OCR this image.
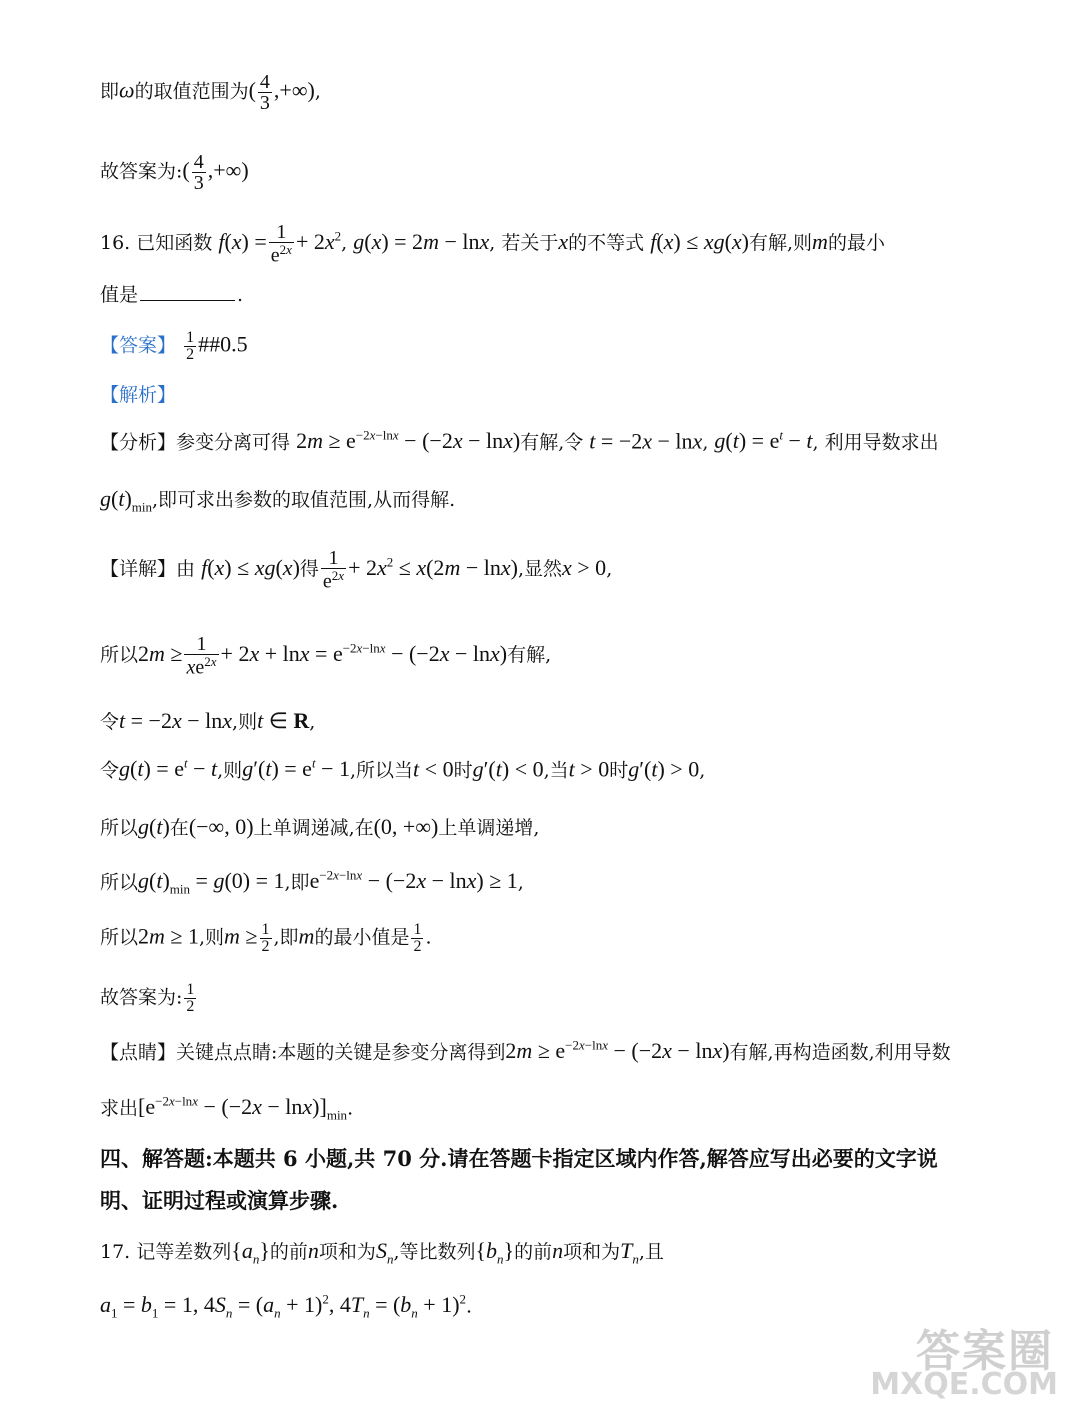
即ω的取值范围为( $\frac{4}{3}$ ,+∞),
故答案为:( $\frac{4}{3}$ ,+∞)
16. 已知函数 $f(x) = \frac{1}{e^{2x}} + 2x^2$, g(x) = 2m − lnx, 若关于x的不等式 f(x) ≤ xg(x)有解,则m的最小
值是	.
【答案】 $\frac{1}{2}$ ##0.5
【解析】
【分析】参变分离可得 $2m \ge e^{-2x-lnx} - (-2x - \ln x)$有解,令 t = −2x − lnx, $g(t) = e^t - t$, 利用导数求出
$g(t)_{min}$,即可求出参数的取值范围,从而得解.
【详解】由 f(x) ≤ xg(x)得 $\frac{1}{e^{2x}} + 2x^2 \le x(2m - \ln x)$,显然x > 0,
所以$2m \ge \frac{1}{xe^{2x}} + 2x + \ln x = e^{-2x-lnx} - (-2x - \ln x)$有解,
令t = −2x − lnx,则t ∈ R,
令$g(t) = e^t - t$,则$g'(t) = e^t - 1$,所以当t < 0时g′(t) < 0,当t > 0时g′(t) > 0,
所以g(t)在(−∞, 0)上单调递减,在(0, +∞)上单调递增,
所以$g(t)_{min} = g(0) = 1$,即$e^{-2x-lnx} - (-2x - \ln x) \ge 1$,
所以2m ≥ 1,则$m \ge \frac{1}{2}$ ,即m的最小值是 $\frac{1}{2}$ .
故答案为: $\frac{1}{2}$
【点睛】关键点点睛:本题的关键是参变分离得到$2m \ge e^{-2x-lnx} - (-2x - \ln x)$有解,再构造函数,利用导数
求出$[e^{-2x-lnx} - (-2x - \ln x)]_{min}$.
四、解答题:本题共 6 小题,共 70 分.请在答题卡指定区域内作答,解答应写出必要的文字说
明、证明过程或演算步骤.
17. 记等差数列$\{a_n\}$的前n项和为$S_n$,等比数列$\{b_n\}$的前n项和为$T_n$,且
$a_1 = b_1 = 1$, $4S_n = (a_n + 1)^2$, $4T_n = (b_n + 1)^2$.
答案圈
MXQE.COM
